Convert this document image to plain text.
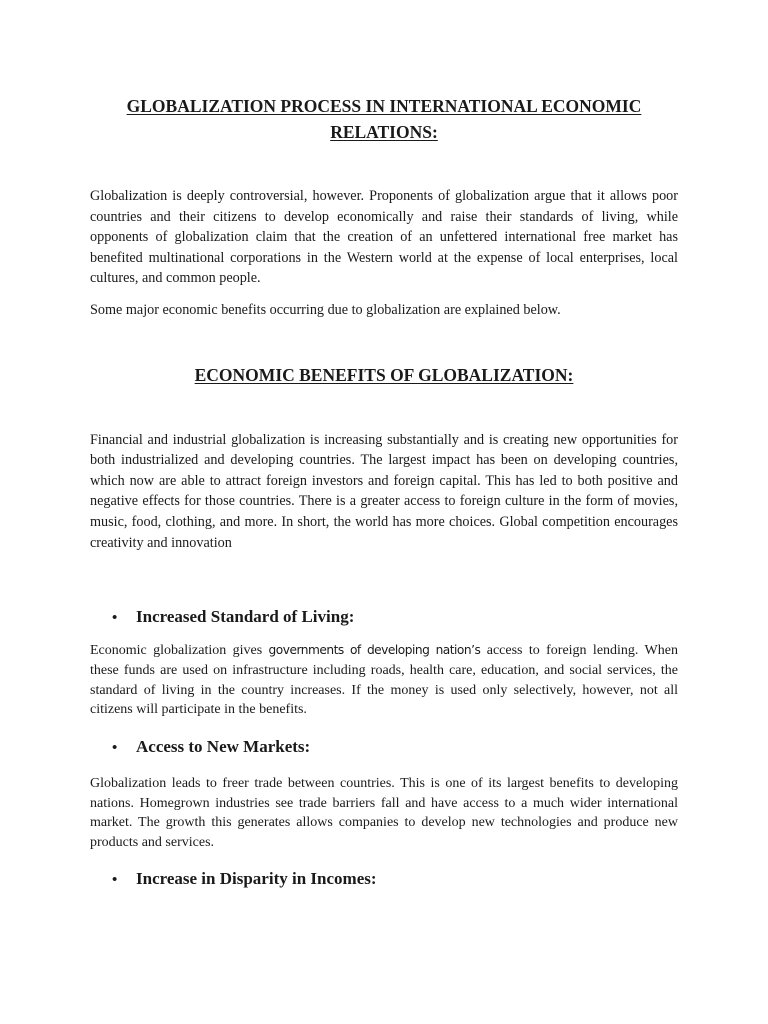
GLOBALIZATION PROCESS IN INTERNATIONAL ECONOMIC
RELATIONS:

Globalization is deeply controversial, however. Proponents of globalization argue that it allows poor countries and their citizens to develop economically and raise their standards of living, while opponents of globalization claim that the creation of an unfettered international free market has benefited multinational corporations in the Western world at the expense of local enterprises, local cultures, and common people.

Some major economic benefits occurring due to globalization are explained below.

ECONOMIC BENEFITS OF GLOBALIZATION:

Financial and industrial globalization is increasing substantially and is creating new opportunities for both industrialized and developing countries. The largest impact has been on developing countries, which now are able to attract foreign investors and foreign capital. This has led to both positive and negative effects for those countries. There is a greater access to foreign culture in the form of movies, music, food, clothing, and more. In short, the world has more choices. Global competition encourages creativity and innovation

•	Increased Standard of Living:

Economic globalization gives governments of developing nation’s access to foreign lending. When these funds are used on infrastructure including roads, health care, education, and social services, the standard of living in the country increases. If the money is used only selectively, however, not all citizens will participate in the benefits.

•	Access to New Markets:

Globalization leads to freer trade between countries. This is one of its largest benefits to developing nations. Homegrown industries see trade barriers fall and have access to a much wider international market. The growth this generates allows companies to develop new technologies and produce new products and services.

•	Increase in Disparity in Incomes:
